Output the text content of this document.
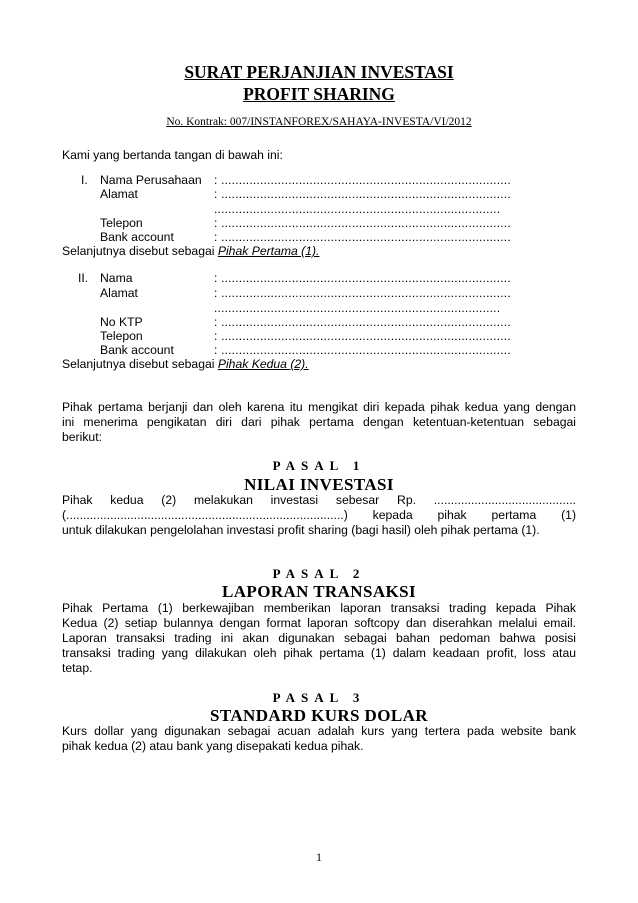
SURAT PERJANJIAN INVESTASI
PROFIT SHARING
No. Kontrak: 007/INSTANFOREX/SAHAYA-INVESTA/VI/2012
Kami yang bertanda tangan di bawah ini:
I. Nama Perusahaan : ..................................................................................
Alamat	: ..................................................................................
.................................................................................
Telepon	: ..................................................................................
Bank account	: ..................................................................................
Selanjutnya disebut sebagai Pihak Pertama (1).
II. Nama	: ..................................................................................
Alamat	: ..................................................................................
.................................................................................
No KTP	: ..................................................................................
Telepon	: ..................................................................................
Bank account	: ..................................................................................
Selanjutnya disebut sebagai Pihak Kedua (2).
Pihak pertama berjanji dan oleh karena itu mengikat diri kepada pihak kedua yang dengan
ini menerima pengikatan diri dari pihak pertama dengan ketentuan-ketentuan sebagai
berikut:
PASAL 1
NILAI INVESTASI
Pihak kedua (2) melakukan investasi sebesar Rp. ..........................................
(..................................................................................) kepada pihak pertama (1)
untuk dilakukan pengelolahan investasi profit sharing (bagi hasil) oleh pihak pertama (1).
PASAL 2
LAPORAN TRANSAKSI
Pihak Pertama (1) berkewajiban memberikan laporan transaksi trading kepada Pihak
Kedua (2) setiap bulannya dengan format laporan softcopy dan diserahkan melalui email.
Laporan transaksi trading ini akan digunakan sebagai bahan pedoman bahwa posisi
transaksi trading yang dilakukan oleh pihak pertama (1) dalam keadaan profit, loss atau
tetap.
PASAL 3
STANDARD KURS DOLAR
Kurs dollar yang digunakan sebagai acuan adalah kurs yang tertera pada website bank
pihak kedua (2) atau bank yang disepakati kedua pihak.
1
